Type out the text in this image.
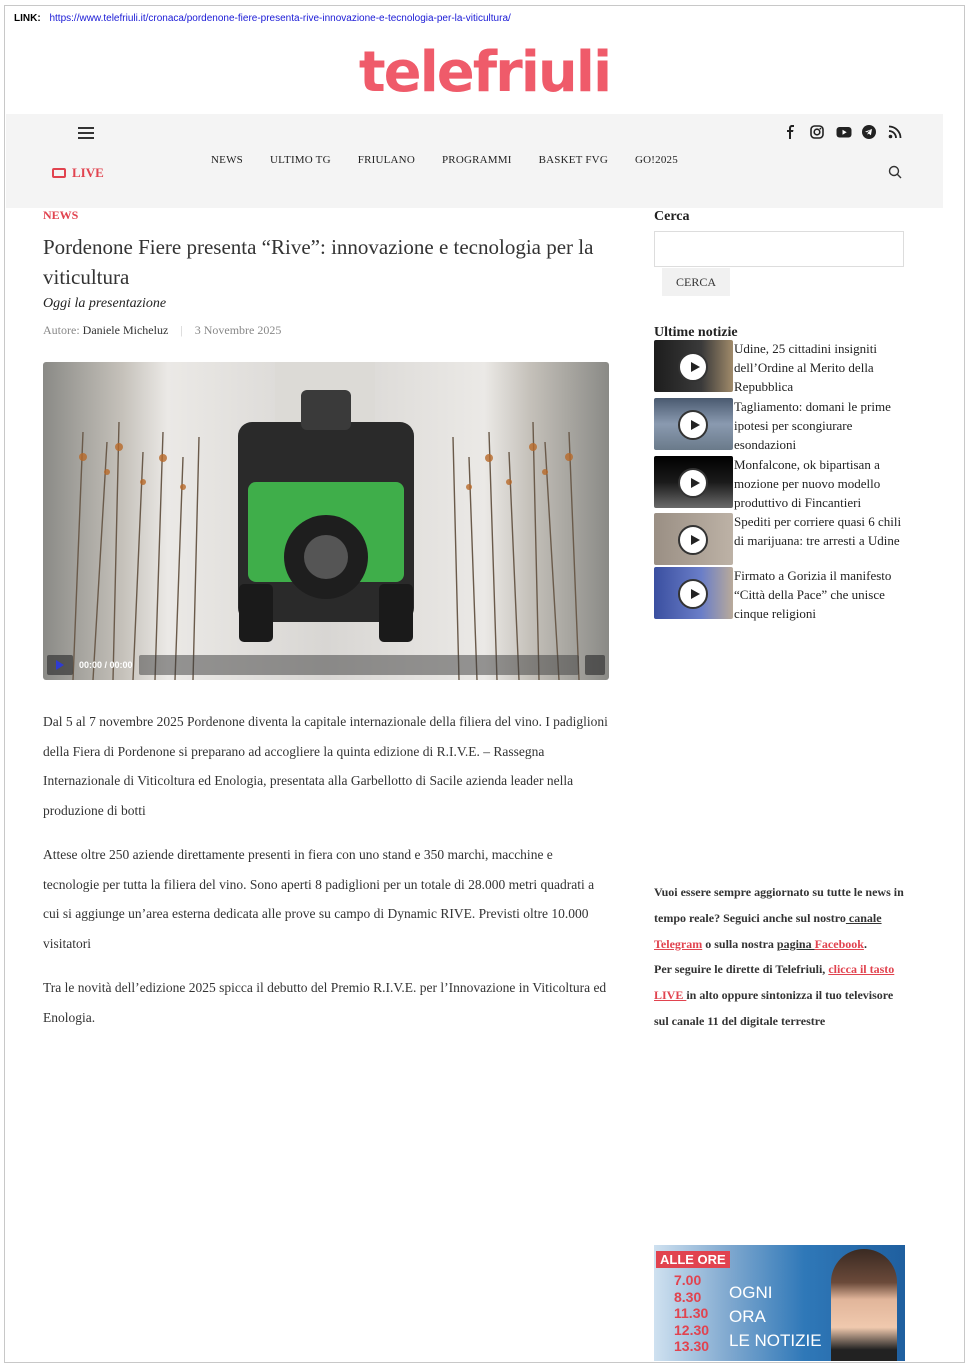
LINK: https://www.telefriuli.it/cronaca/pordenone-fiere-presenta-rive-innovazione-e-tecnologia-per-la-viticultura/
telefriuli
LIVE
NEWS ULTIMO TG FRIULANO PROGRAMMI BASKET FVG GO!2025
NEWS
Pordenone Fiere presenta “Rive”: innovazione e tecnologia per la viticultura
Oggi la presentazione
Autore:
Daniele Micheluz | 3 Novembre 2025
00:00 / 00:00

Dal 5 al 7 novembre 2025 Pordenone diventa la capitale internazionale della filiera del vino. I padiglioni della Fiera di Pordenone si preparano ad accogliere la quinta edizione di R.I.V.E. – Rassegna Internazionale di Viticoltura ed Enologia, presentata alla Garbellotto di Sacile azienda leader nella produzione di botti

Attese oltre 250 aziende direttamente presenti in fiera con uno stand e 350 marchi, macchine e tecnologie per tutta la filiera del vino. Sono aperti 8 padiglioni per un totale di 28.000 metri quadrati a cui si aggiunge un’area esterna dedicata alle prove su campo di Dynamic RIVE. Previsti oltre 10.000 visitatori

Tra le novità dell’edizione 2025 spicca il debutto del Premio R.I.V.E. per l’Innovazione in Viticoltura ed Enologia.

Cerca
CERCA
Ultime notizie
Udine, 25 cittadini insigniti dell’Ordine al Merito della Repubblica
Tagliamento: domani le prime ipotesi per scongiurare esondazioni
Monfalcone, ok bipartisan a mozione per nuovo modello produttivo di Fincantieri
Spediti per corriere quasi 6 chili di marijuana: tre arresti a Udine
Firmato a Gorizia il manifesto “Città della Pace” che unisce cinque religioni
Vuoi essere sempre aggiornato su tutte le news in tempo reale? Seguici anche sul nostro canale Telegram o sulla nostra pagina Facebook.
Per seguire le dirette di Telefriuli, clicca il tasto LIVE in alto oppure sintonizza il tuo televisore sul canale 11 del digitale terrestre
ALLE ORE
7.00
8.30
11.30
12.30
13.30
OGNI
ORA
LE NOTIZIE
